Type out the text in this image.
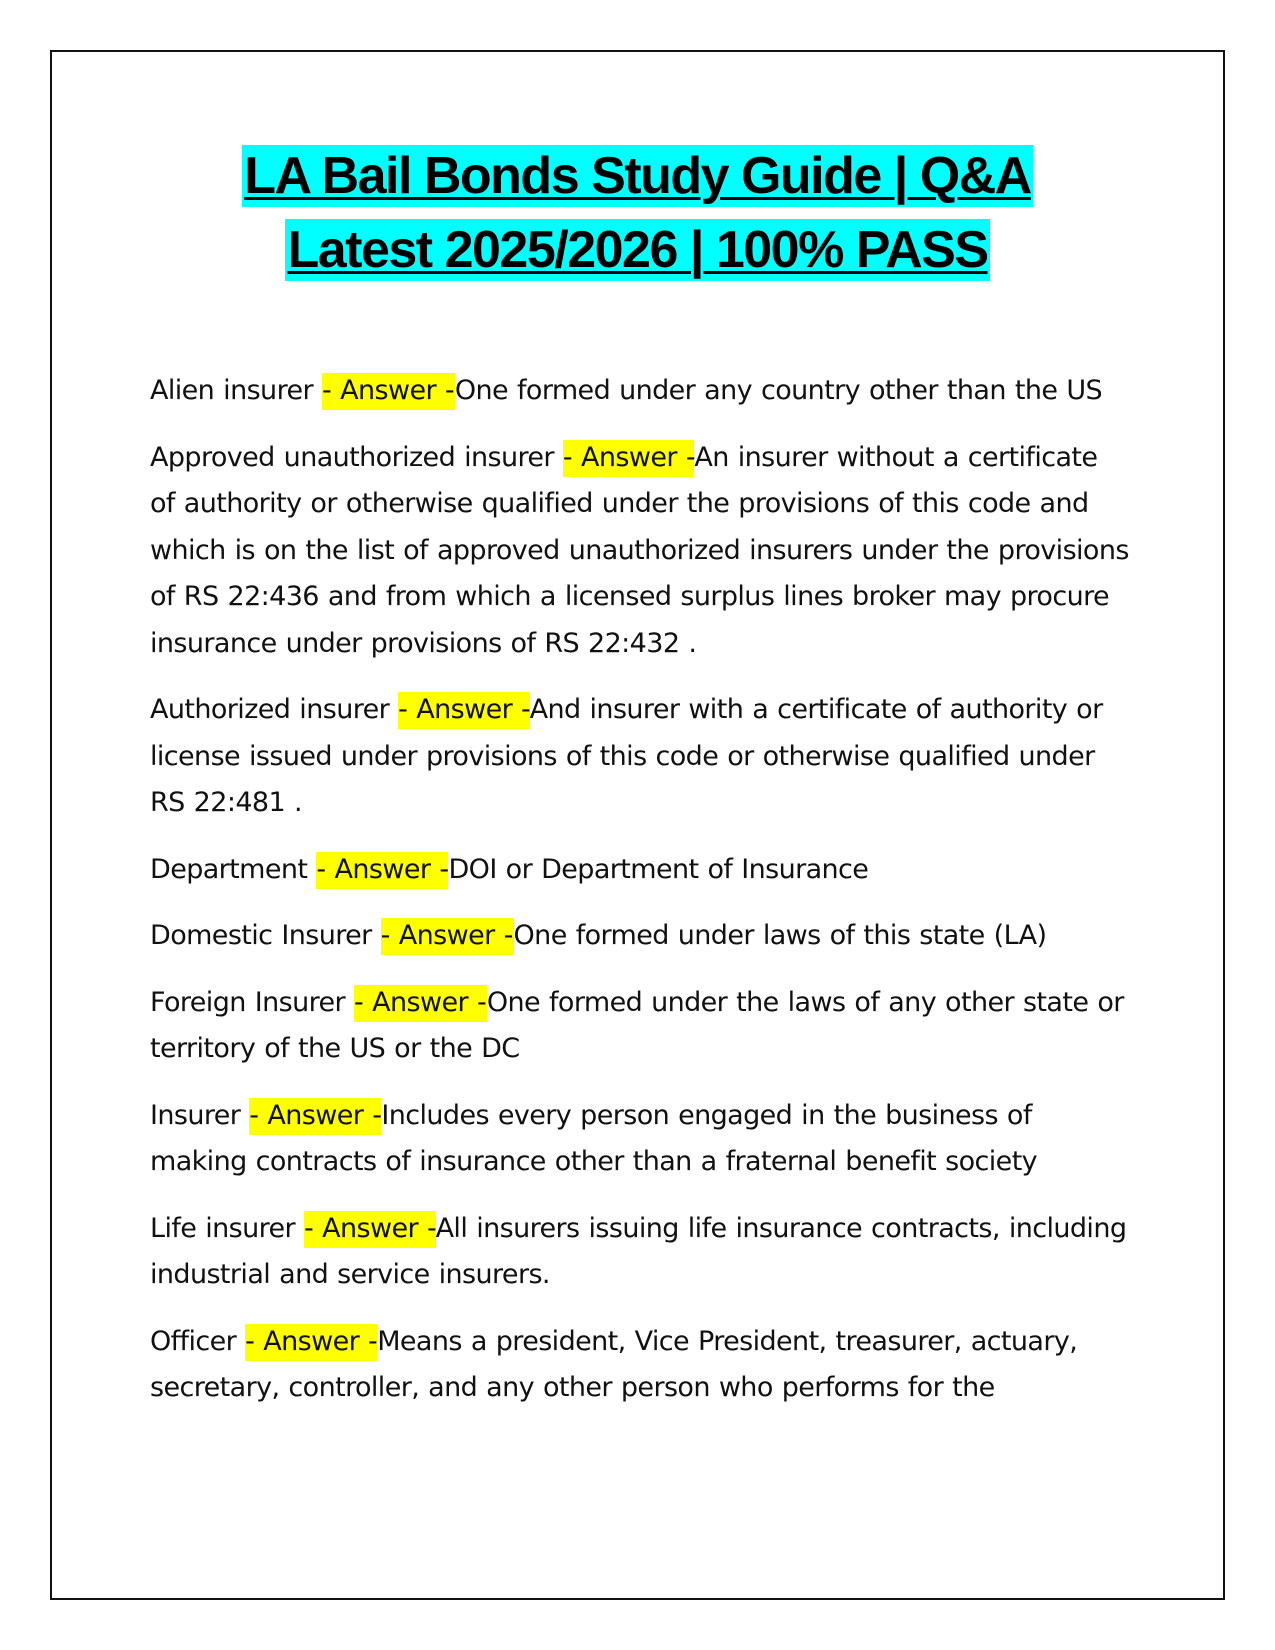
LA Bail Bonds Study Guide | Q&A
Latest 2025/2026 | 100% PASS

Alien insurer - Answer -One formed under any country other than the US

Approved unauthorized insurer - Answer -An insurer without a certificate of authority or otherwise qualified under the provisions of this code and which is on the list of approved unauthorized insurers under the provisions of RS 22:436 and from which a licensed surplus lines broker may procure insurance under provisions of RS 22:432 .

Authorized insurer - Answer -And insurer with a certificate of authority or license issued under provisions of this code or otherwise qualified under RS 22:481 .

Department - Answer -DOI or Department of Insurance

Domestic Insurer - Answer -One formed under laws of this state (LA)

Foreign Insurer - Answer -One formed under the laws of any other state or territory of the US or the DC

Insurer - Answer -Includes every person engaged in the business of making contracts of insurance other than a fraternal benefit society

Life insurer - Answer -All insurers issuing life insurance contracts, including industrial and service insurers.

Officer - Answer -Means a president, Vice President, treasurer, actuary, secretary, controller, and any other person who performs for the
